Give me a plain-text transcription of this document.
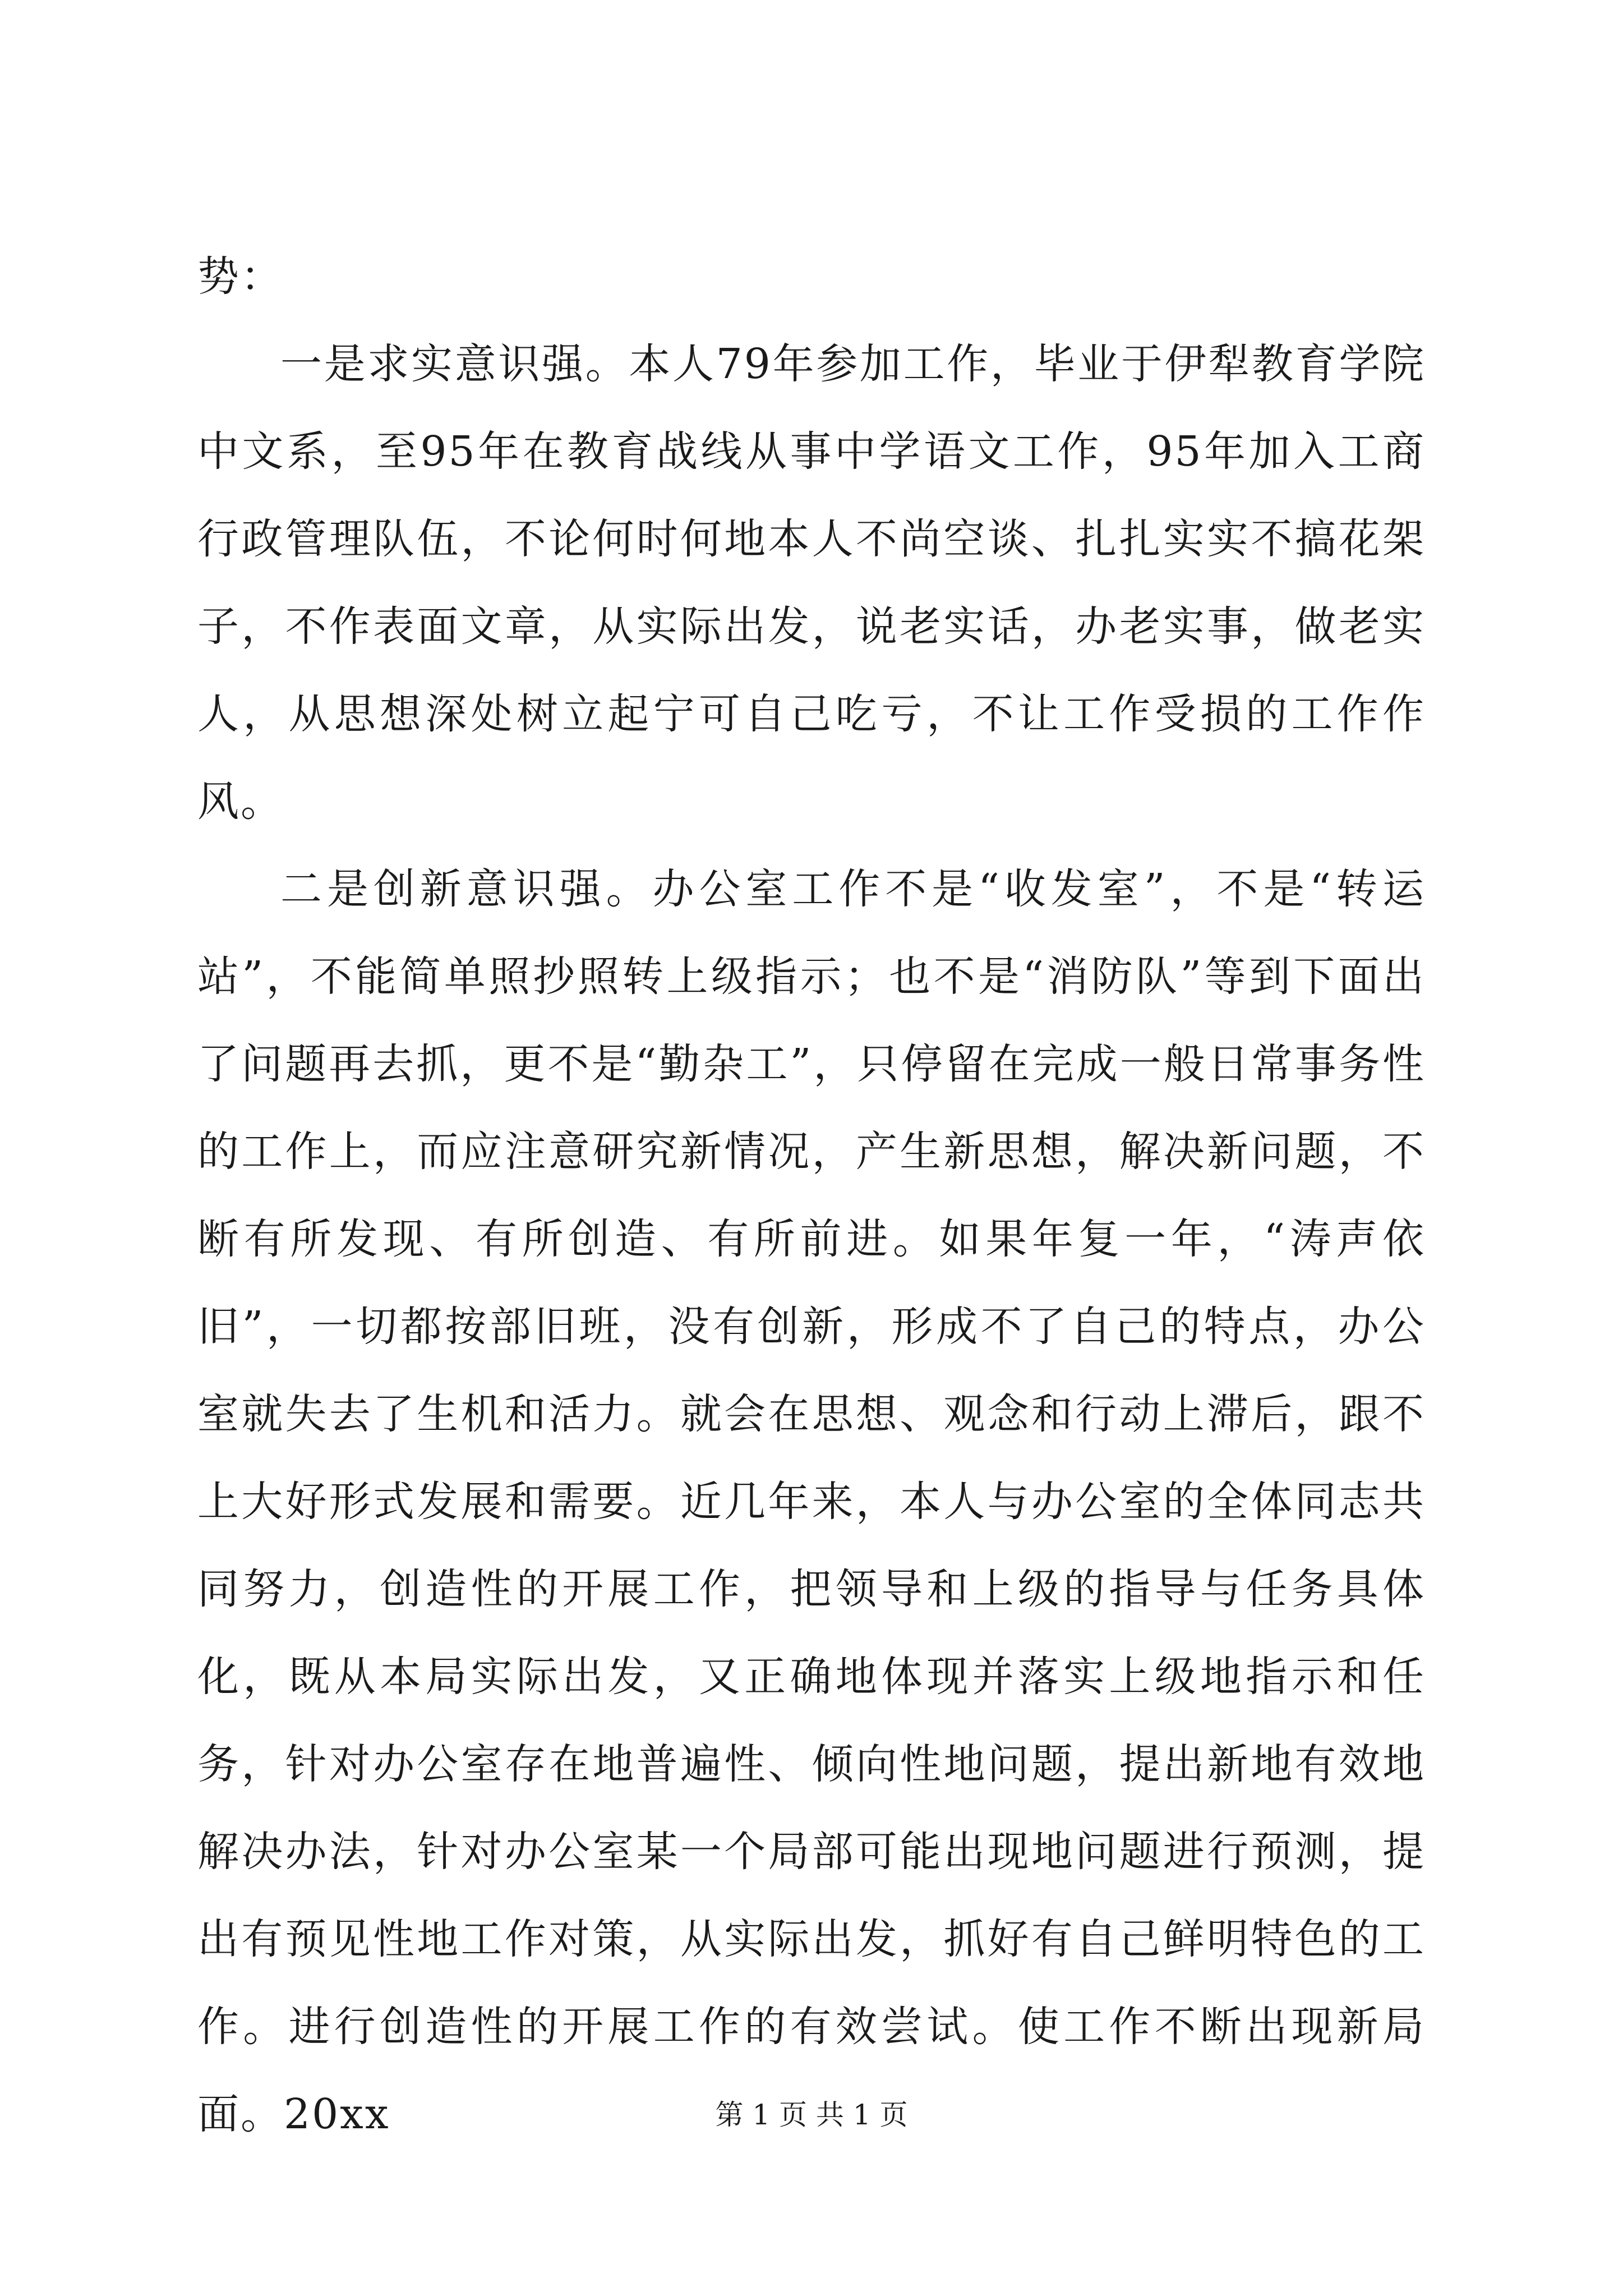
势：

一是求实意识强。本人79年参加工作，毕业于伊犁教育学院中文系，至95年在教育战线从事中学语文工作，95年加入工商行政管理队伍，不论何时何地本人不尚空谈、扎扎实实不搞花架子，不作表面文章，从实际出发，说老实话，办老实事，做老实人，从思想深处树立起宁可自己吃亏，不让工作受损的工作作风。

二是创新意识强。办公室工作不是“收发室”，不是“转运站”，不能简单照抄照转上级指示；也不是“消防队”等到下面出了问题再去抓，更不是“勤杂工”，只停留在完成一般日常事务性的工作上，而应注意研究新情况，产生新思想，解决新问题，不断有所发现、有所创造、有所前进。如果年复一年，“涛声依旧”，一切都按部旧班，没有创新，形成不了自己的特点，办公室就失去了生机和活力。就会在思想、观念和行动上滞后，跟不上大好形式发展和需要。近几年来，本人与办公室的全体同志共同努力，创造性的开展工作，把领导和上级的指导与任务具体化，既从本局实际出发，又正确地体现并落实上级地指示和任务，针对办公室存在地普遍性、倾向性地问题，提出新地有效地解决办法，针对办公室某一个局部可能出现地问题进行预测，提出有预见性地工作对策，从实际出发，抓好有自己鲜明特色的工作。进行创造性的开展工作的有效尝试。使工作不断出现新局面。20xx	第 1 页 共 1 页
